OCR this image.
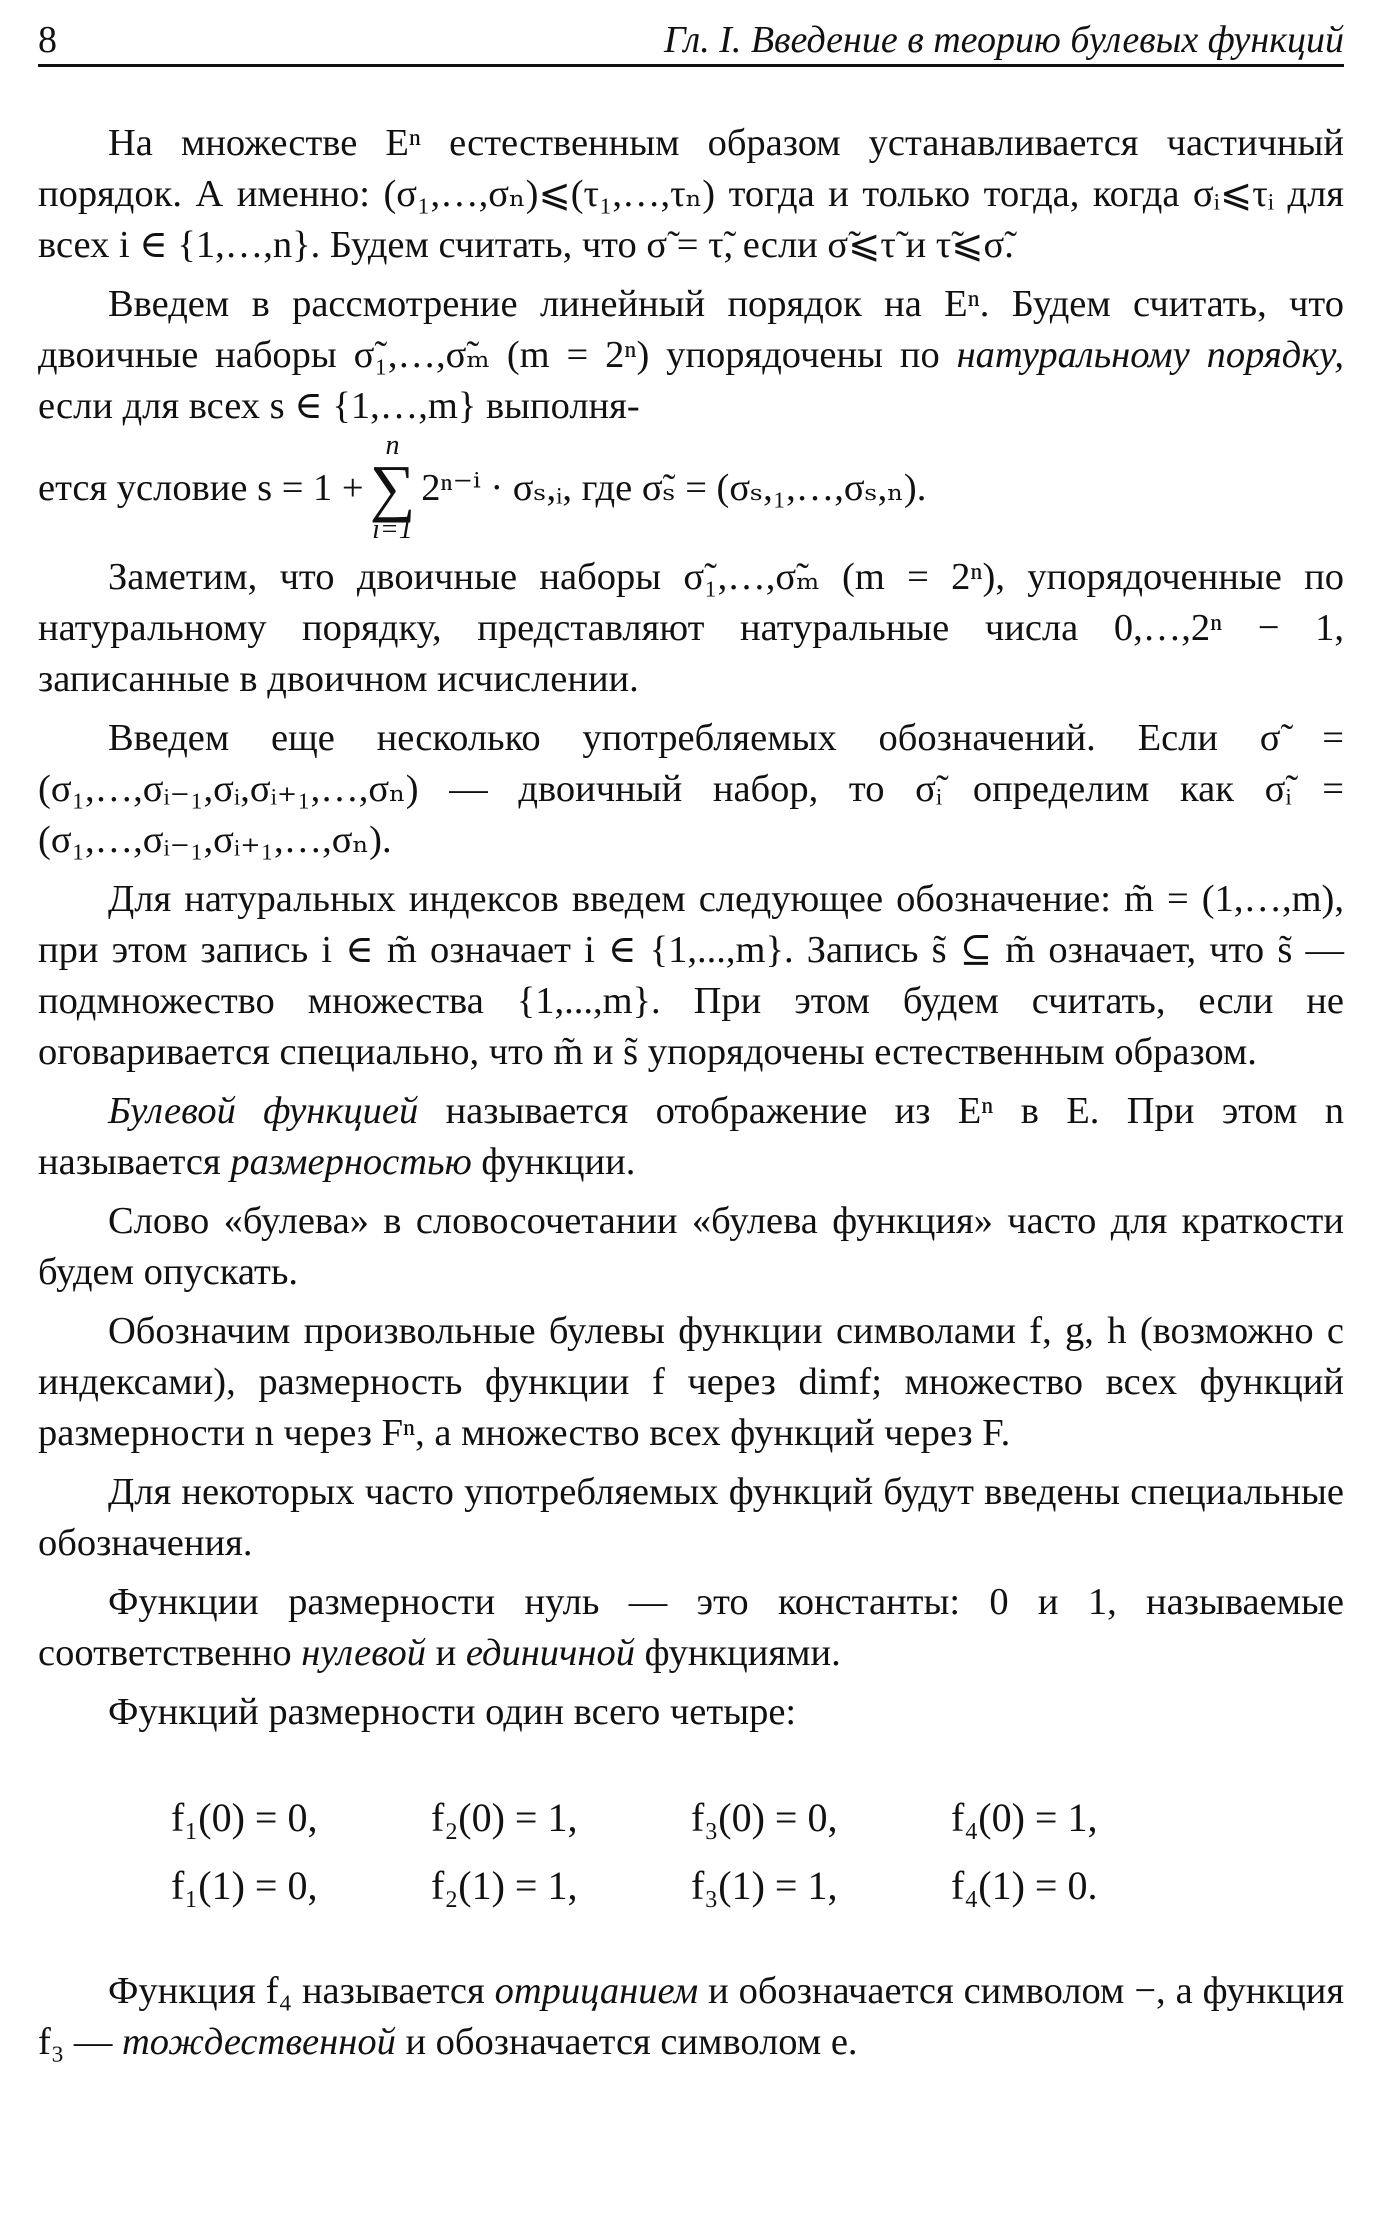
8	Гл. I. Введение в теорию булевых функций

На множестве Eⁿ естественным образом устанавливается частичный порядок. А именно: (σ₁,…,σₙ)⩽(τ₁,…,τₙ) тогда и только тогда, когда σᵢ⩽τᵢ для всех i ∈ {1,…,n}. Будем считать, что σ̃ = τ̃, если σ̃⩽τ̃ и τ̃⩽σ̃.

Введем в рассмотрение линейный порядок на Eⁿ. Будем считать, что двоичные наборы σ̃₁,…,σ̃ₘ (m = 2ⁿ) упорядочены по натуральному порядку, если для всех s ∈ {1,…,m} выполня-

ется условие s = 1 +
n
∑
i=1
2ⁿ⁻ⁱ · σₛ,ᵢ, где σ̃ₛ = (σₛ,₁,…,σₛ,ₙ).

Заметим, что двоичные наборы σ̃₁,…,σ̃ₘ (m = 2ⁿ), упорядоченные по натуральному порядку, представляют натуральные числа 0,…,2ⁿ − 1, записанные в двоичном исчислении.

Введем еще несколько употребляемых обозначений. Если σ̃ = (σ₁,…,σᵢ₋₁,σᵢ,σᵢ₊₁,…,σₙ) — двоичный набор, то σ̃ᵢ определим как σ̃ᵢ = (σ₁,…,σᵢ₋₁,σᵢ₊₁,…,σₙ).

Для натуральных индексов введем следующее обозначение: m̃ = (1,…,m), при этом запись i ∈ m̃ означает i ∈ {1,...,m}. Запись s̃ ⊆ m̃ означает, что s̃ — подмножество множества {1,...,m}. При этом будем считать, если не оговаривается специально, что m̃ и s̃ упорядочены естественным образом.

Булевой функцией называется отображение из Eⁿ в E. При этом n называется размерностью функции.

Слово «булева» в словосочетании «булева функция» часто для краткости будем опускать.

Обозначим произвольные булевы функции символами f, g, h (возможно с индексами), размерность функции f через dimf; множество всех функций размерности n через Fⁿ, а множество всех функций через F.

Для некоторых часто употребляемых функций будут введены специальные обозначения.

Функции размерности нуль — это константы: 0 и 1, называемые соответственно нулевой и единичной функциями.

Функций размерности один всего четыре:

f₁(0) = 0,	f₂(0) = 1,	f₃(0) = 0,	f₄(0) = 1,
f₁(1) = 0,	f₂(1) = 1,	f₃(1) = 1,	f₄(1) = 0.

Функция f₄ называется отрицанием и обозначается символом −, а функция f₃ — тождественной и обозначается символом e.
